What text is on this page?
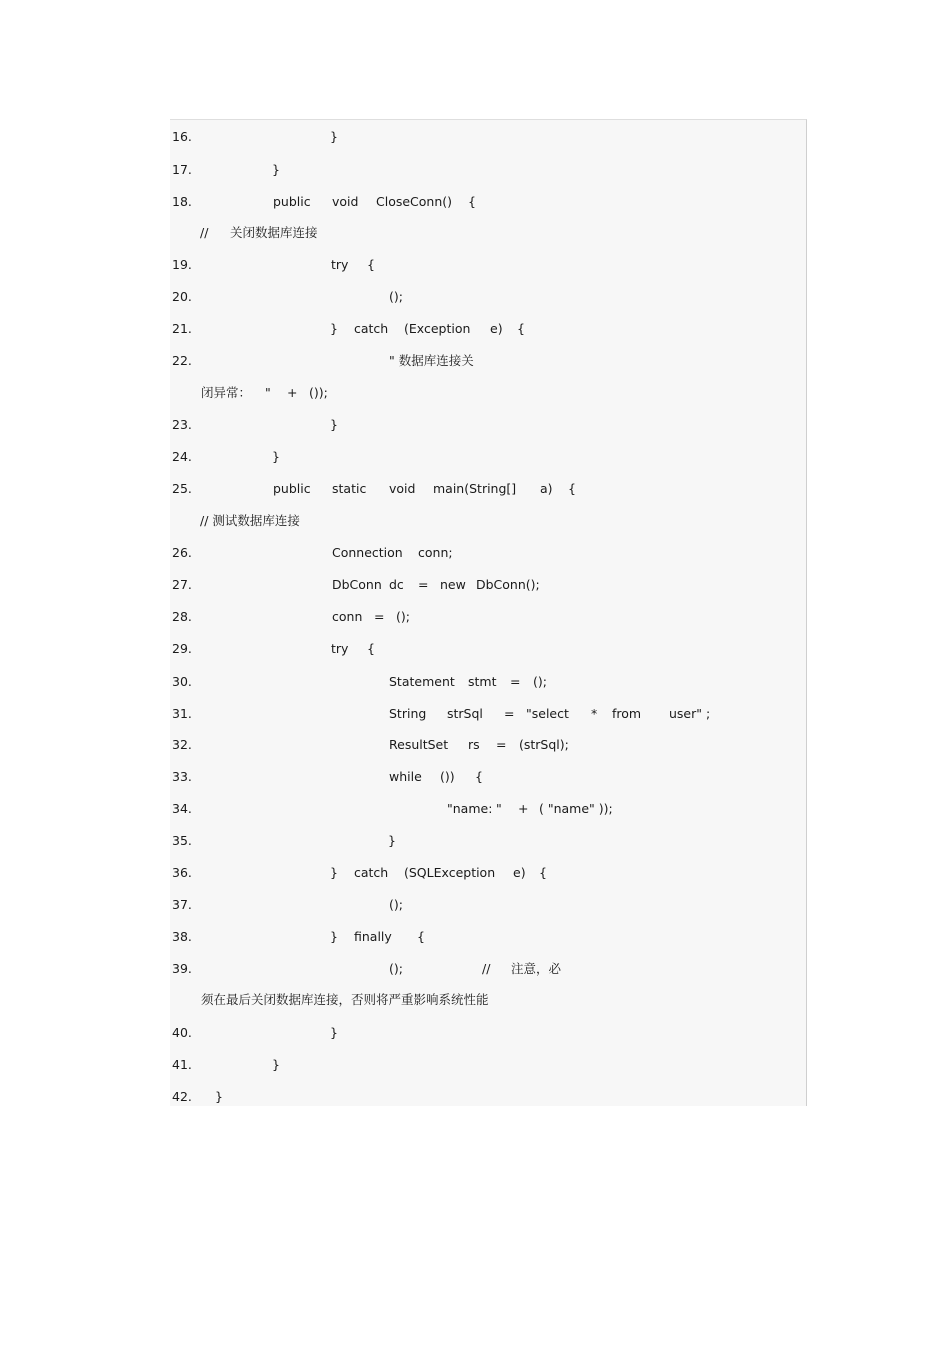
16.	}
17.	}
18.	public void CloseConn() {
// 关闭数据库连接
19.	try {
20.	();
21.	} catch (Exception e) {
22.	" 数据库连接关
闭异常： " + ());
23.	}
24.	}
25.	public static void main(String[] a) {
// 测试数据库连接
26.	Connection conn;
27.	DbConn dc = new DbConn();
28.	conn = ();
29.	try {
30.	Statement stmt = ();
31.	String strSql = "select * from user" ;
32.	ResultSet rs = (strSql);
33.	while ()) {
34.	"name: " + ( "name" ));
35.	}
36.	} catch (SQLException e) {
37.	();
38.	} finally {
39.	();	// 注意，必
须在最后关闭数据库连接，否则将严重影响系统性能
40.	}
41.	}
42. }
